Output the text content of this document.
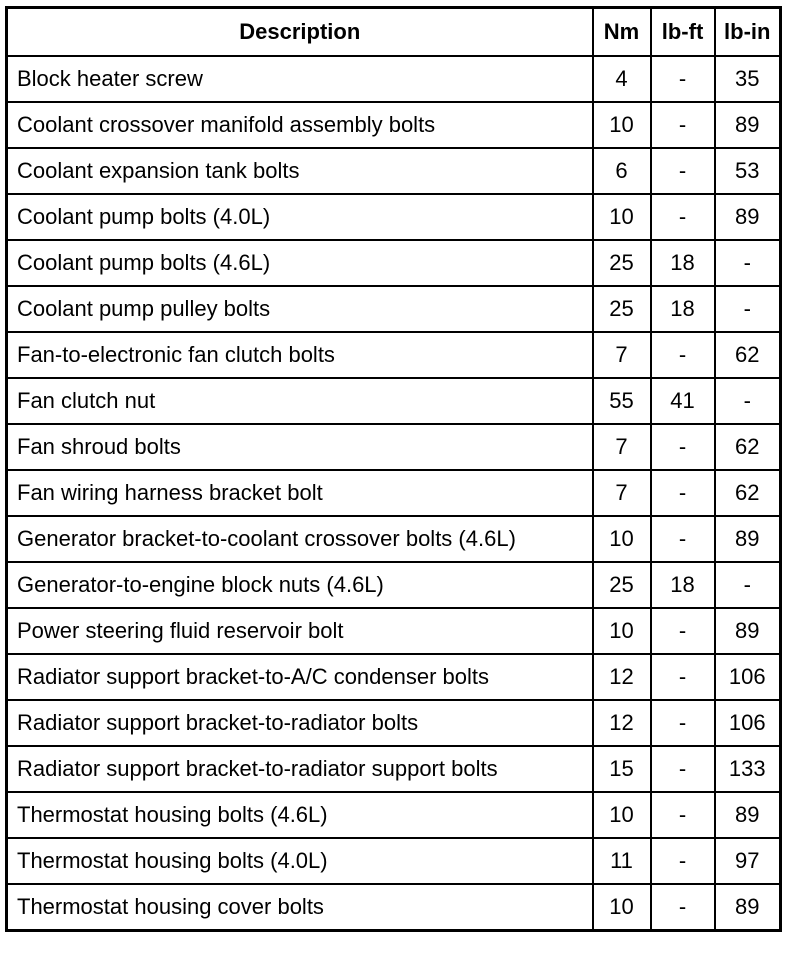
Description	Nm	lb-ft	lb-in
Block heater screw	4	-	35
Coolant crossover manifold assembly bolts	10	-	89
Coolant expansion tank bolts	6	-	53
Coolant pump bolts (4.0L)	10	-	89
Coolant pump bolts (4.6L)	25	18	-
Coolant pump pulley bolts	25	18	-
Fan-to-electronic fan clutch bolts	7	-	62
Fan clutch nut	55	41	-
Fan shroud bolts	7	-	62
Fan wiring harness bracket bolt	7	-	62
Generator bracket-to-coolant crossover bolts (4.6L)	10	-	89
Generator-to-engine block nuts (4.6L)	25	18	-
Power steering fluid reservoir bolt	10	-	89
Radiator support bracket-to-A/C condenser bolts	12	-	106
Radiator support bracket-to-radiator bolts	12	-	106
Radiator support bracket-to-radiator support bolts	15	-	133
Thermostat housing bolts (4.6L)	10	-	89
Thermostat housing bolts (4.0L)	11	-	97
Thermostat housing cover bolts	10	-	89
